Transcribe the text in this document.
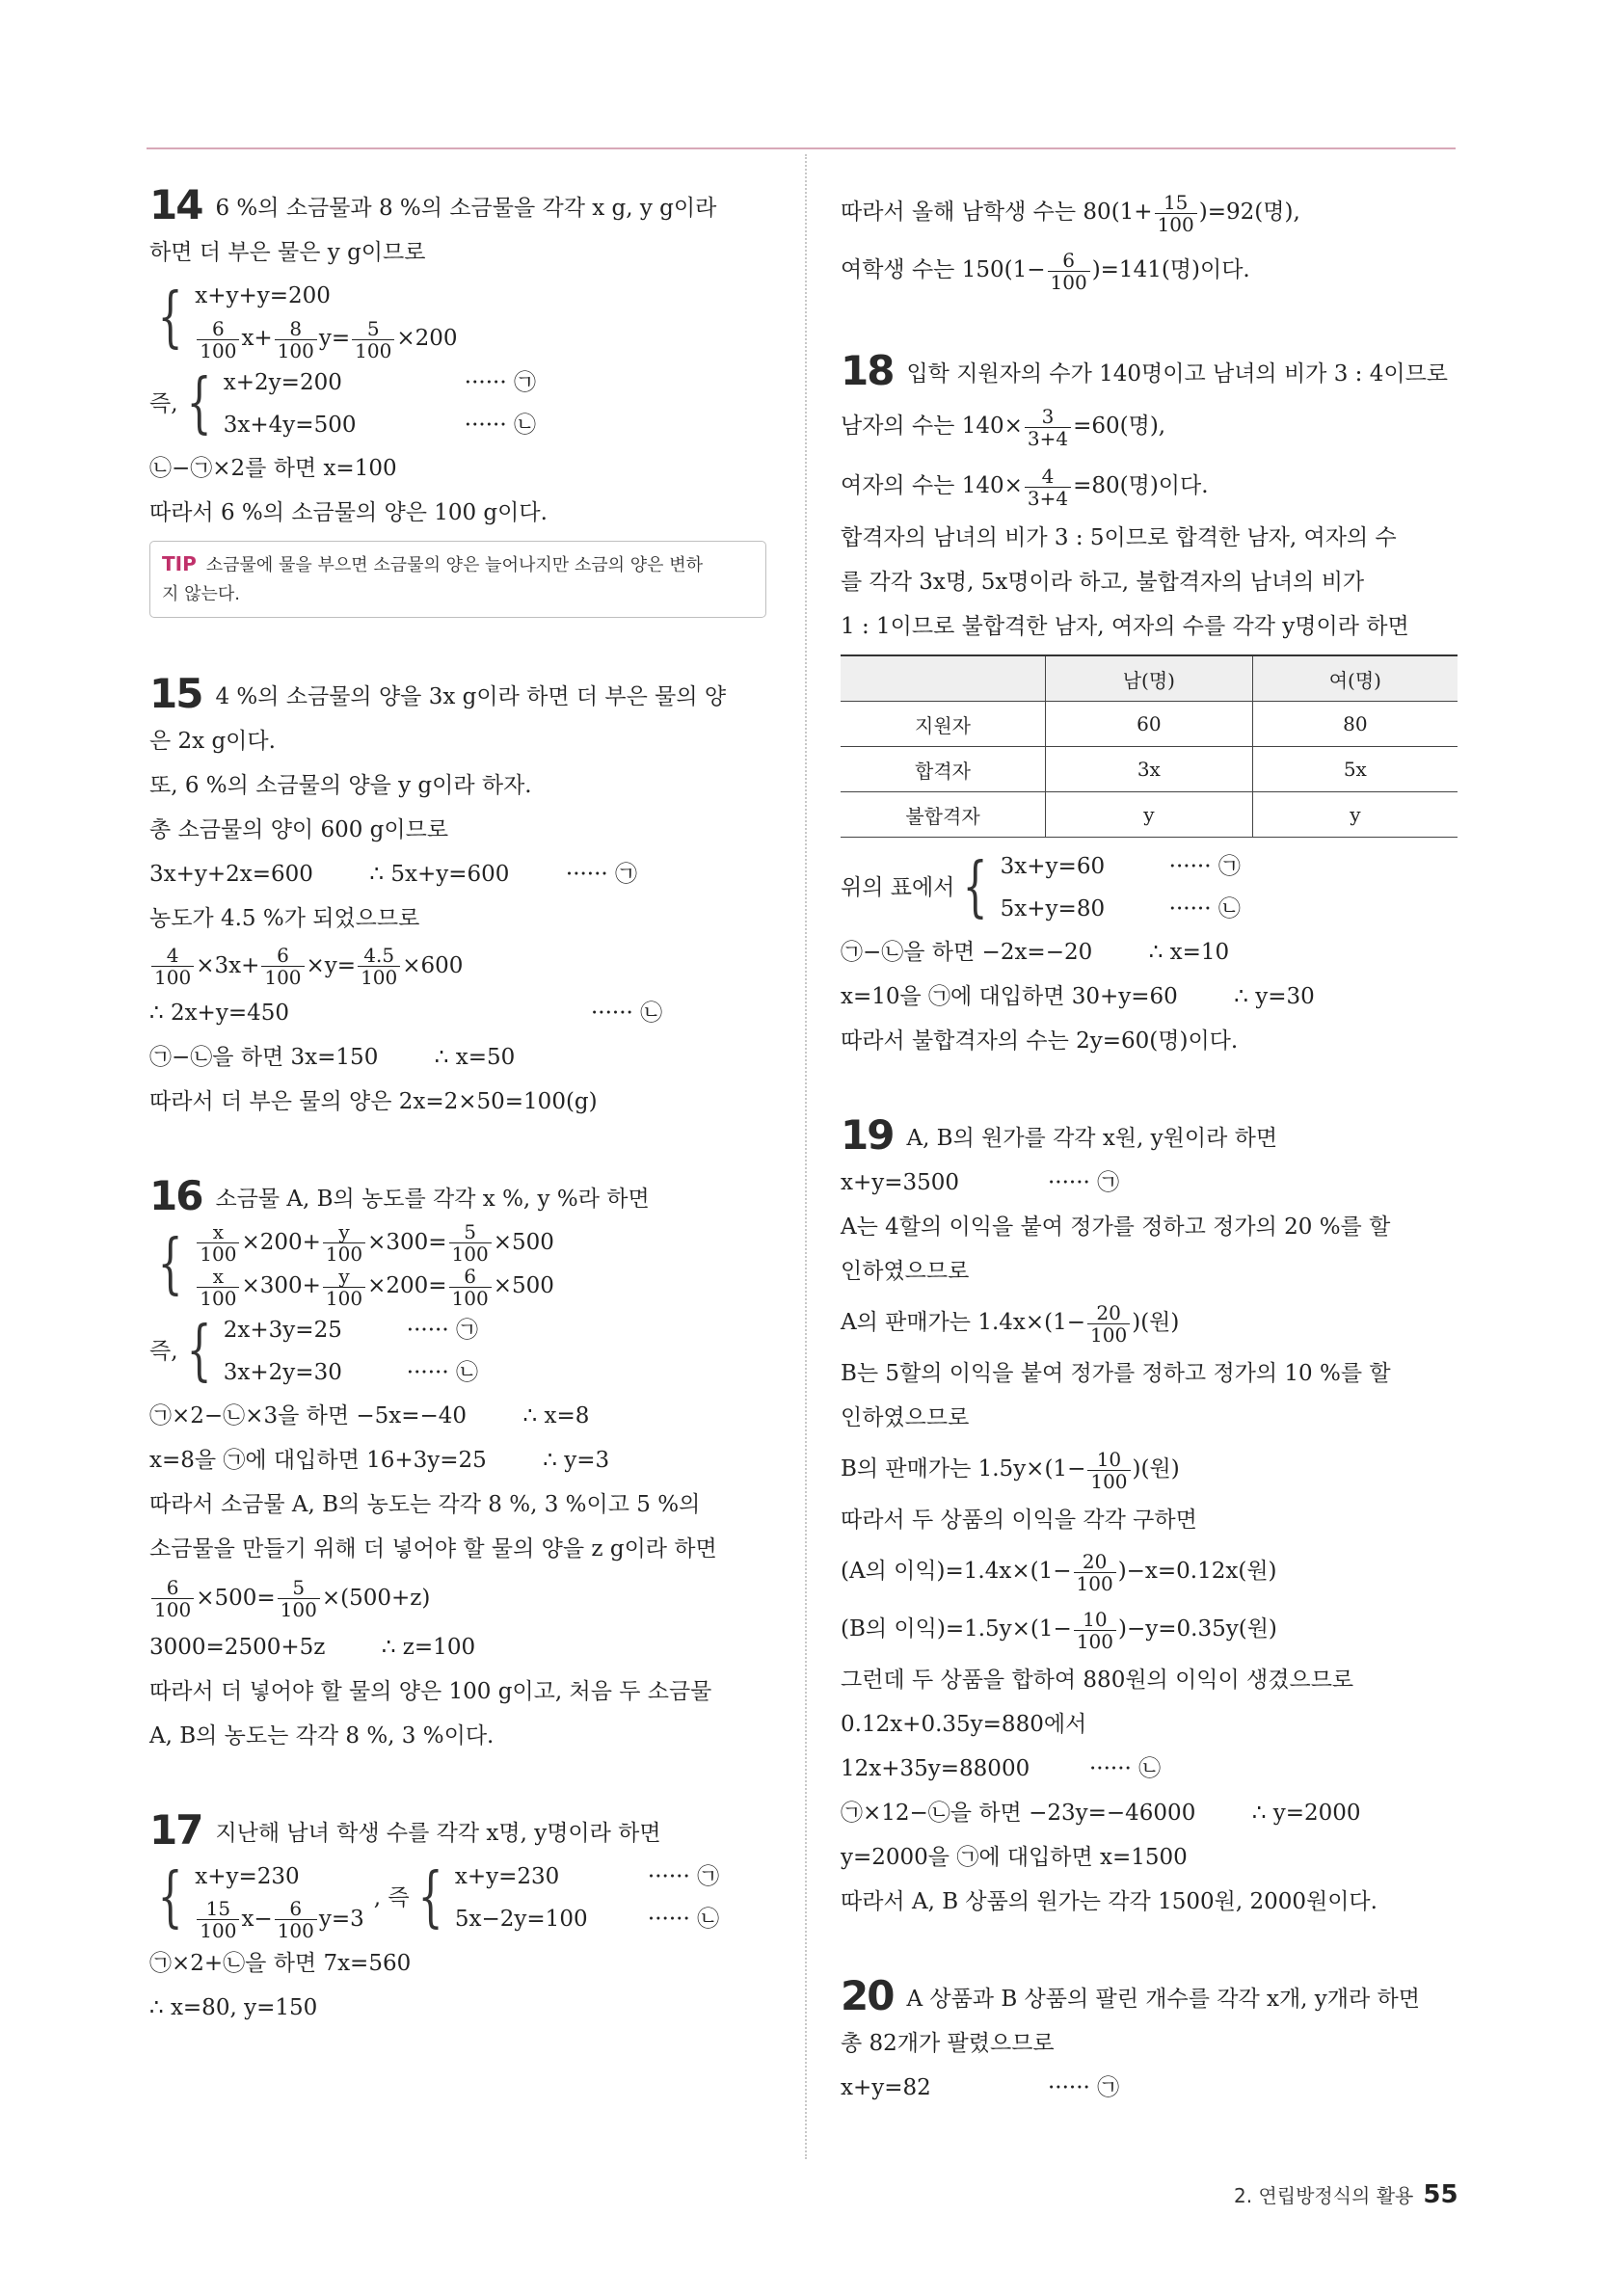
14 6 %의 소금물과 8 %의 소금물을 각각 x g, y g이라
하면 더 부은 물은 y g이므로
{ x+y+y=200
$\frac{6}{100} x+ \frac{8}{100} y= \frac{5}{100} \times 200$
즉, { x+2y=200	······ ㉠
3x+4y=500	······ ㉡
㉡−㉠×2를 하면 x=100
따라서 6 %의 소금물의 양은 100 g이다.
TIP 소금물에 물을 부으면 소금물의 양은 늘어나지만 소금의 양은 변하
지 않는다.
15 4 %의 소금물의 양을 3x g이라 하면 더 부은 물의 양
은 2x g이다.
또, 6 %의 소금물의 양을 y g이라 하자.
총 소금물의 양이 600 g이므로
3x+y+2x=600        ∴ 5x+y=600        ······ ㉠
농도가 4.5 %가 되었으므로
$\frac{4}{100} \times 3x+ \frac{6}{100} \times y= \frac{4.5}{100} \times 600$
∴ 2x+y=450	······ ㉡
㉠−㉡을 하면 3x=150        ∴ x=50
따라서 더 부은 물의 양은 2x=2×50=100(g)
16 소금물 A, B의 농도를 각각 x %, y %라 하면
{ $\frac{x}{100} \times 200+ \frac{y}{100} \times 300= \frac{5}{100} \times 500$
$\frac{x}{100} \times 300+ \frac{y}{100} \times 200= \frac{6}{100} \times 500$
즉, { 2x+3y=25	······ ㉠
3x+2y=30	······ ㉡
㉠×2−㉡×3을 하면 −5x=−40        ∴ x=8
x=8을 ㉠에 대입하면 16+3y=25        ∴ y=3
따라서 소금물 A, B의 농도는 각각 8 %, 3 %이고 5 %의
소금물을 만들기 위해 더 넣어야 할 물의 양을 z g이라 하면
$\frac{6}{100} \times 500= \frac{5}{100} \times(500+z)$
3000=2500+5z        ∴ z=100
따라서 더 넣어야 할 물의 양은 100 g이고, 처음 두 소금물
A, B의 농도는 각각 8 %, 3 %이다.
17 지난해 남녀 학생 수를 각각 x명, y명이라 하면
{ x+y=230
$\frac{15}{100} x- \frac{6}{100} y=3$
, 즉 { x+y=230	······ ㉠
5x−2y=100	······ ㉡
㉠×2+㉡을 하면 7x=560
∴ x=80, y=150
따라서 올해 남학생 수는 $80(1+ \frac{15}{100} )=92$(명),
여학생 수는 $150(1- \frac{6}{100} )=141$(명)이다.
18 입학 지원자의 수가 140명이고 남녀의 비가 3 : 4이므로
남자의 수는 $140\times \frac{3}{3+4} =60$(명),
여자의 수는 $140\times \frac{4}{3+4} =80$(명)이다.
합격자의 남녀의 비가 3 : 5이므로 합격한 남자, 여자의 수
를 각각 3x명, 5x명이라 하고, 불합격자의 남녀의 비가
1 : 1이므로 불합격한 남자, 여자의 수를 각각 y명이라 하면
	남(명)	여(명)
지원자	60	80
합격자	3x	5x
불합격자	y	y
위의 표에서 { 3x+y=60	······ ㉠
5x+y=80	······ ㉡
㉠−㉡을 하면 −2x=−20        ∴ x=10
x=10을 ㉠에 대입하면 30+y=60        ∴ y=30
따라서 불합격자의 수는 2y=60(명)이다.
19 A, B의 원가를 각각 x원, y원이라 하면
x+y=3500	······ ㉠
A는 4할의 이익을 붙여 정가를 정하고 정가의 20 %를 할
인하였으므로
A의 판매가는 $1.4x\times(1- \frac{20}{100}$ )(원)
B는 5할의 이익을 붙여 정가를 정하고 정가의 10 %를 할
인하였으므로
B의 판매가는 $1.5y\times(1- \frac{10}{100}$ )(원)
따라서 두 상품의 이익을 각각 구하면
(A의 이익)$=1.4x\times(1- \frac{20}{100} )-x=0.12x$(원)
(B의 이익)$=1.5y\times(1- \frac{10}{100} )-y=0.35y$(원)
그런데 두 상품을 합하여 880원의 이익이 생겼으므로
0.12x+0.35y=880에서
12x+35y=88000	······ ㉡
㉠×12−㉡을 하면 −23y=−46000        ∴ y=2000
y=2000을 ㉠에 대입하면 x=1500
따라서 A, B 상품의 원가는 각각 1500원, 2000원이다.
20 A 상품과 B 상품의 팔린 개수를 각각 x개, y개라 하면
총 82개가 팔렸으므로
x+y=82	······ ㉠
2. 연립방정식의 활용 55
